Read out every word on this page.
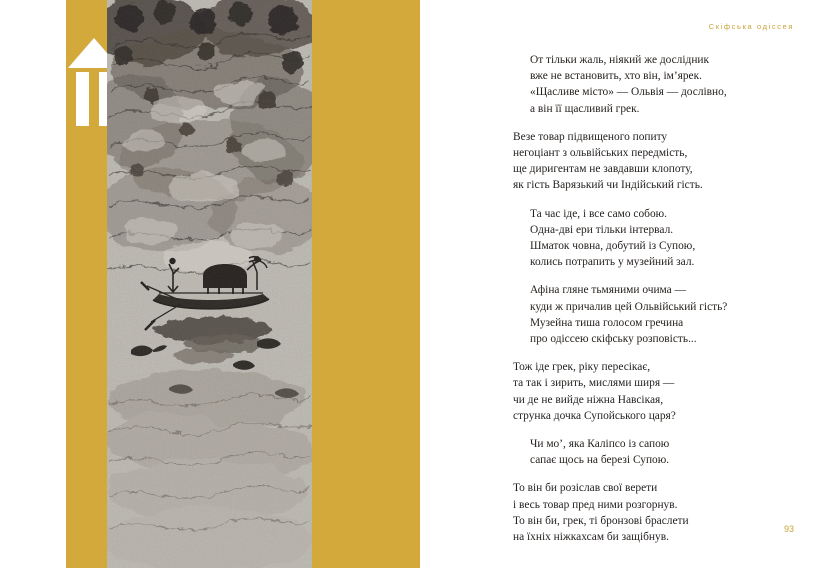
Скіфська одіссея
От тільки жаль, ніякий же дослідник
вже не встановить, хто він, ім’ярек.
«Щасливе місто» — Ольвія — дослівно,
а він її щасливий грек.
Везе товар підвищеного попиту
негоціант з ольвійських передмість,
ще диригентам не завдавши клопоту,
як гість Варязький чи Індійський гість.
Та час іде, і все само собою.
Одна-дві ери тільки інтервал.
Шматок човна, добутий із Супою,
колись потрапить у музейний зал.
Афіна гляне тьмяними очима —
куди ж причалив цей Ольвійський гість?
Музейна тиша голосом гречина
про одіссею скіфську розповість...
Тож іде грек, ріку пересікає,
та так і зирить, мислями ширя —
чи де не вийде ніжна Навсікая,
струнка дочка Супойського царя?
Чи мо’, яка Каліпсо із сапою
сапає щось на березі Супою.
То він би розіслав свої верети
і весь товар пред ними розгорнув.
То він би, грек, ті бронзові браслети
на їхніх ніжкахсам би защібнув.
93
